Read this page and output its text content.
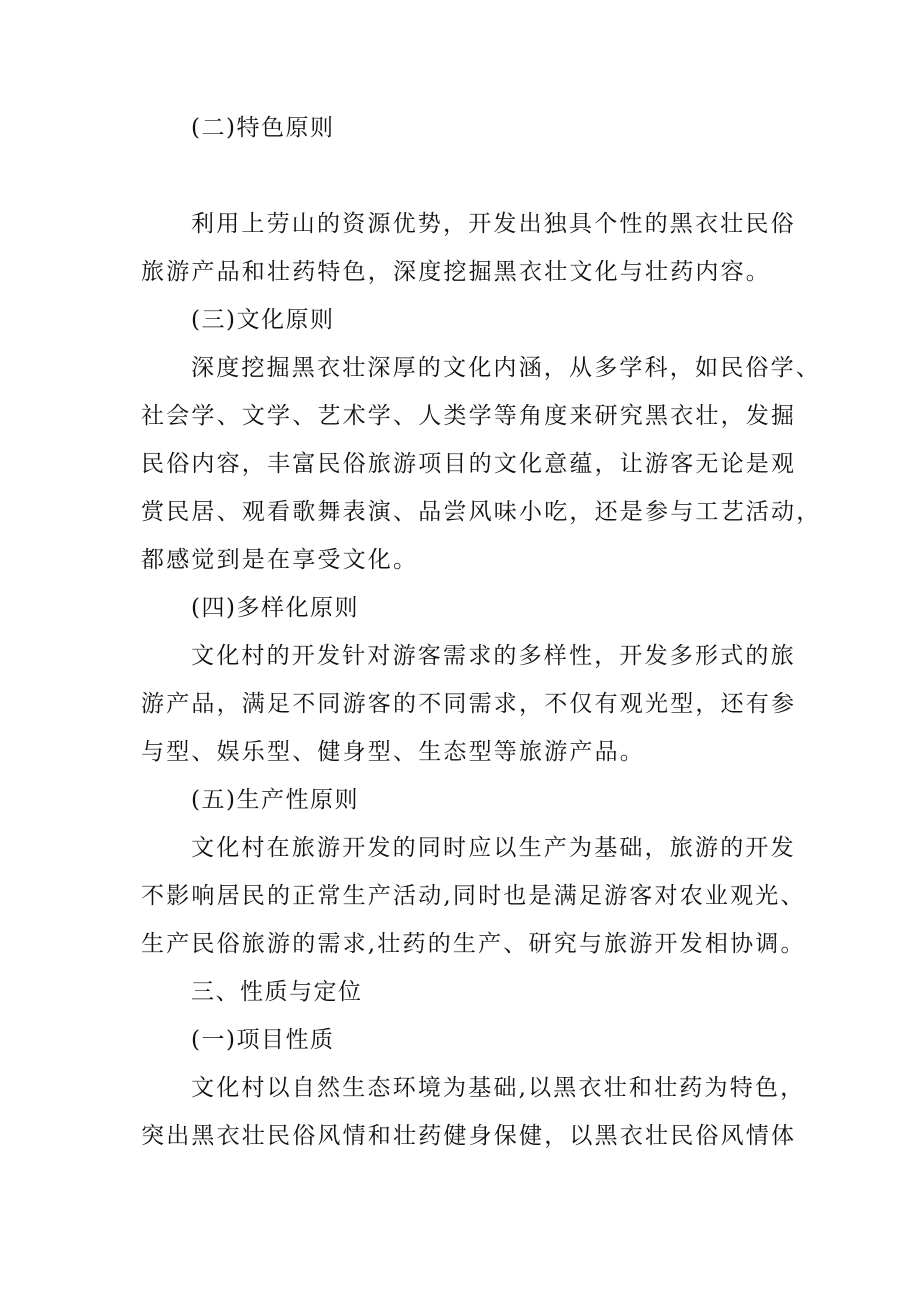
(二)特色原则
利用上劳山的资源优势，开发出独具个性的黑衣壮民俗
旅游产品和壮药特色，深度挖掘黑衣壮文化与壮药内容。
(三)文化原则
深度挖掘黑衣壮深厚的文化内涵，从多学科，如民俗学、
社会学、文学、艺术学、人类学等角度来研究黑衣壮，发掘
民俗内容，丰富民俗旅游项目的文化意蕴，让游客无论是观
赏民居、观看歌舞表演、品尝风味小吃，还是参与工艺活动，
都感觉到是在享受文化。
(四)多样化原则
文化村的开发针对游客需求的多样性，开发多形式的旅
游产品，满足不同游客的不同需求，不仅有观光型，还有参
与型、娱乐型、健身型、生态型等旅游产品。
(五)生产性原则
文化村在旅游开发的同时应以生产为基础，旅游的开发
不影响居民的正常生产活动,同时也是满足游客对农业观光、
生产民俗旅游的需求,壮药的生产、研究与旅游开发相协调。
三、性质与定位
(一)项目性质
文化村以自然生态环境为基础,以黑衣壮和壮药为特色，
突出黑衣壮民俗风情和壮药健身保健，以黑衣壮民俗风情体
